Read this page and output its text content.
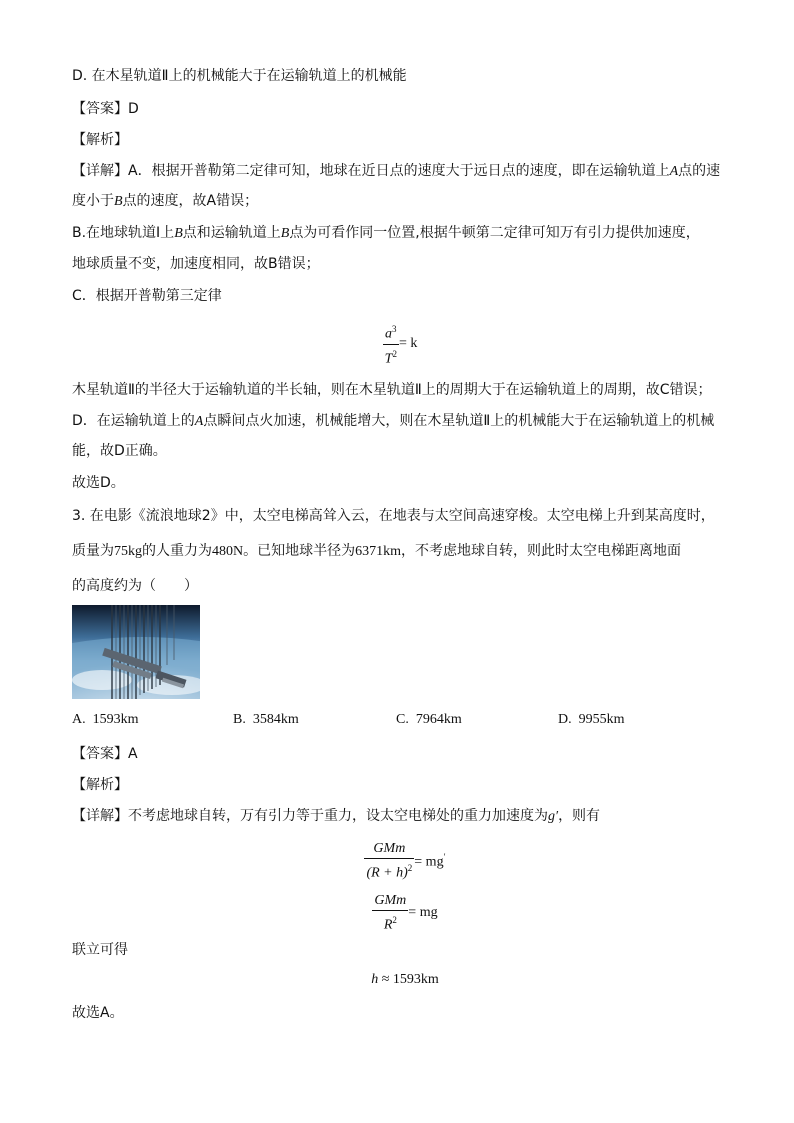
D. 在木星轨道Ⅱ上的机械能大于在运输轨道上的机械能
【答案】D
【解析】
【详解】A．根据开普勒第二定律可知，地球在近日点的速度大于远日点的速度，即在运输轨道上A点的速
度小于B点的速度，故A错误；
B.在地球轨道Ⅰ上B点和运输轨道上B点为可看作同一位置,根据牛顿第二定律可知万有引力提供加速度，
地球质量不变，加速度相同，故B错误；
C．根据开普勒第三定律
$\frac{a^3}{T^2} = k$
木星轨道Ⅱ的半径大于运输轨道的半长轴，则在木星轨道Ⅱ上的周期大于在运输轨道上的周期，故C错误；
D．在运输轨道上的A点瞬间点火加速，机械能增大，则在木星轨道Ⅱ上的机械能大于在运输轨道上的机械
能，故D正确。
故选D。
3. 在电影《流浪地球2》中，太空电梯高耸入云，在地表与太空间高速穿梭。太空电梯上升到某高度时，
质量为75kg的人重力为480N。已知地球半径为6371km，不考虑地球自转，则此时太空电梯距离地面
的高度约为（　　）
A. 1593km	B. 3584km	C. 7964km	D. 9955km
【答案】A
【解析】
【详解】不考虑地球自转，万有引力等于重力，设太空电梯处的重力加速度为g′，则有
$\frac{\text{GMm}}{(R + h)^2} = mg'$
$\frac{\text{GMm}}{R^2}$ = mg
联立可得
h ≈ 1593km
故选A。
